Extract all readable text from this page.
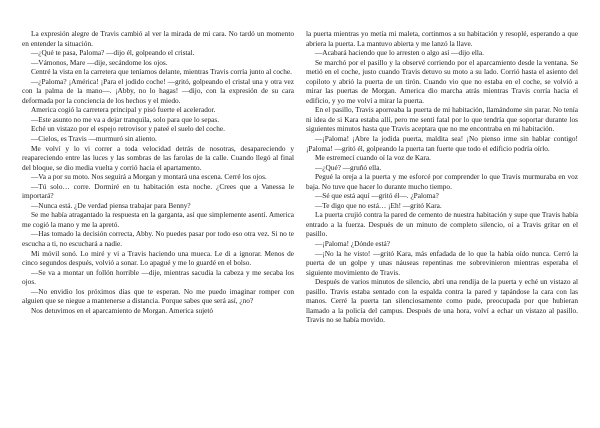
La expresión alegre de Travis cambió al ver la mirada de mi cara. No tardó un momento en entender la situación.

—¿Qué te pasa, Paloma? —dijo él, golpeando el cristal.

—Vámonos, Mare —dije, secándome los ojos.

Centré la vista en la carretera que teníamos delante, mientras Travis corría junto al coche.

—¿Paloma? ¡América! ¡Para el jodido coche! —gritó, golpeando el cristal una y otra vez con la palma de la mano—. ¡Abby, no lo hagas! —dijo, con la expresión de su cara deformada por la conciencia de los hechos y el miedo.

America cogió la carretera principal y pisó fuerte el acelerador.

—Este asunto no me va a dejar tranquila, solo para que lo sepas.

Eché un vistazo por el espejo retrovisor y pateé el suelo del coche.

—Cielos, es Travis —murmuró sin aliento.

Me volví y lo vi correr a toda velocidad detrás de nosotras, desapareciendo y reapareciendo entre las luces y las sombras de las farolas de la calle. Cuando llegó al final del bloque, se dio media vuelta y corrió hacia el apartamento.

—Va a por su moto. Nos seguirá a Morgan y montará una escena. Cerré los ojos.

—Tú solo… corre. Dormiré en tu habitación esta noche. ¿Crees que a Vanessa le importará?

—Nunca está. ¿De verdad piensa trabajar para Benny?

Se me había atragantado la respuesta en la garganta, así que simplemente asentí. America me cogió la mano y me la apretó.

—Has tomado la decisión correcta, Abby. No puedes pasar por todo eso otra vez. Si no te escucha a ti, no escuchará a nadie.

Mi móvil sonó. Lo miré y vi a Travis haciendo una mueca. Le di a ignorar. Menos de cinco segundos después, volvió a sonar. Lo apagué y me lo guardé en el bolso.

—Se va a montar un follón horrible —dije, mientras sacudía la cabeza y me secaba los ojos.

—No envidio los próximos días que te esperan. No me puedo imaginar romper con alguien que se niegue a mantenerse a distancia. Porque sabes que será así, ¿no?

Nos detuvimos en el aparcamiento de Morgan. America sujetó

la puerta mientras yo metía mi maleta, cortinmos a su habitación y resoplé, esperando a que abriera la puerta. La mantuvo abierta y me lanzó la llave.

—Acabará haciendo que lo arresten o algo así —dijo ella.

Se marchó por el pasillo y la observé corriendo por el aparcamiento desde la ventana. Se metió en el coche, justo cuando Travis detuvo su moto a su lado. Corrió hasta el asiento del copiloto y abrió la puerta de un tirón. Cuando vio que no estaba en el coche, se volvió a mirar las puertas de Morgan. America dio marcha atrás mientras Travis corría hacia el edificio, y yo me volví a mirar la puerta.

En el pasillo, Travis aporreaba la puerta de mi habitación, llamándome sin parar. No tenía ni idea de si Kara estaba allí, pero me sentí fatal por lo que tendría que soportar durante los siguientes minutos hasta que Travis aceptara que no me encontraba en mi habitación.

—¡Paloma! ¡Abre la jodida puerta, maldita sea! ¡No pienso irme sin hablar contigo! ¡Paloma! —gritó él, golpeando la puerta tan fuerte que todo el edificio podría oírlo.

Me estremecí cuando oí la voz de Kara.

—¿Qué? —gruñó ella.

Pegué la oreja a la puerta y me esforcé por comprender lo que Travis murmuraba en voz baja. No tuve que hacer lo durante mucho tiempo.

—Sé que está aquí —gritó él—. ¿Paloma?

—Te digo que no está… ¡Eh! —gritó Kara.

La puerta crujió contra la pared de cemento de nuestra habitación y supe que Travis había entrado a la fuerza. Después de un minuto de completo silencio, oí a Travis gritar en el pasillo.

—¡Paloma! ¿Dónde está?

—¡No la he visto! —gritó Kara, más enfadada de lo que la había oído nunca. Cerró la puerta de un golpe y unas náuseas repentinas me sobrevinieron mientras esperaba el siguiente movimiento de Travis.

Después de varios minutos de silencio, abrí una rendija de la puerta y eché un vistazo al pasillo. Travis estaba sentado con la espalda contra la pared y tapándose la cara con las manos. Cerré la puerta tan silenciosamente como pude, preocupada por que hubieran llamado a la policía del campus. Después de una hora, volví a echar un vistazo al pasillo. Travis no se había movido.
